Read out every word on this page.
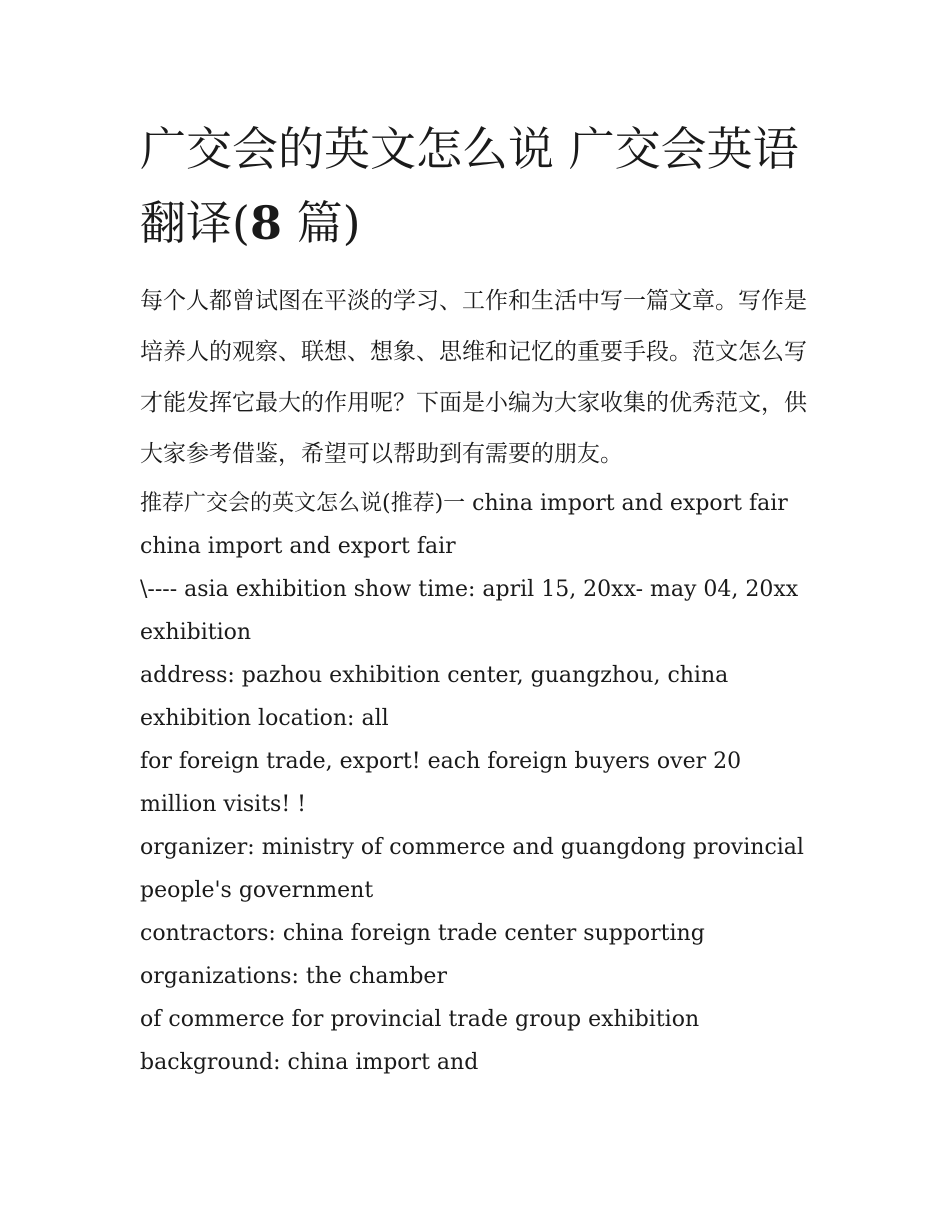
广交会的英文怎么说 广交会英语翻译(8 篇)

每个人都曾试图在平淡的学习、工作和生活中写一篇文章。写作是培养人的观察、联想、想象、思维和记忆的重要手段。范文怎么写才能发挥它最大的作用呢？下面是小编为大家收集的优秀范文，供大家参考借鉴，希望可以帮助到有需要的朋友。

推荐广交会的英文怎么说(推荐)一 china import and export fair

china import and export fair

\---- asia exhibition show time: april 15, 20xx- may 04, 20xx exhibition

address: pazhou exhibition center, guangzhou, china exhibition location: all

for foreign trade, export! each foreign buyers over 20 million visits! !

organizer: ministry of commerce and guangdong provincial people's government

contractors: china foreign trade center supporting organizations: the chamber

of commerce for provincial trade group exhibition background: china import and
